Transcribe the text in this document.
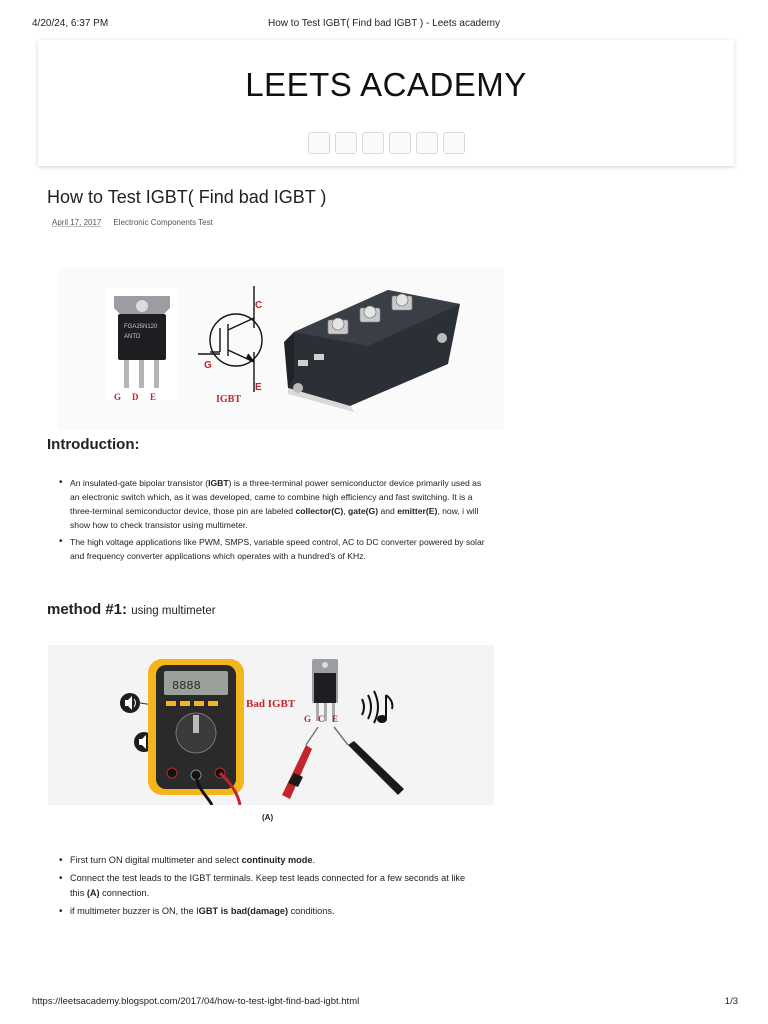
4/20/24, 6:37 PM	How to Test IGBT( Find bad IGBT ) - Leets academy
LEETS ACADEMY
How to Test IGBT( Find bad IGBT )
April 17, 2017 Electronic Components Test
FGA25N120
ANTD
G D E
C
G
E
IGBT
Introduction:
• An insulated-gate bipolar transistor (IGBT) is a three-terminal power semiconductor device primarily used as an electronic switch which, as it was developed, came to combine high efficiency and fast switching. It is a three-terminal semiconductor device, those pin are labeled collector(C), gate(G) and emitter(E), now, i will show how to check transistor using multimeter.
• The high voltage applications like PWM, SMPS, variable speed control, AC to DC converter powered by solar and frequency converter applications which operates with a hundred's of KHz.
method #1: using multimeter
8888
Bad IGBT
G C E
(A)
• First turn ON digital multimeter and select continuity mode.
• Connect the test leads to the IGBT terminals. Keep test leads connected for a few seconds at like this (A) connection.
• if multimeter buzzer is ON, the IGBT is bad(damage) conditions.
https://leetsacademy.blogspot.com/2017/04/how-to-test-igbt-find-bad-igbt.html	1/3
